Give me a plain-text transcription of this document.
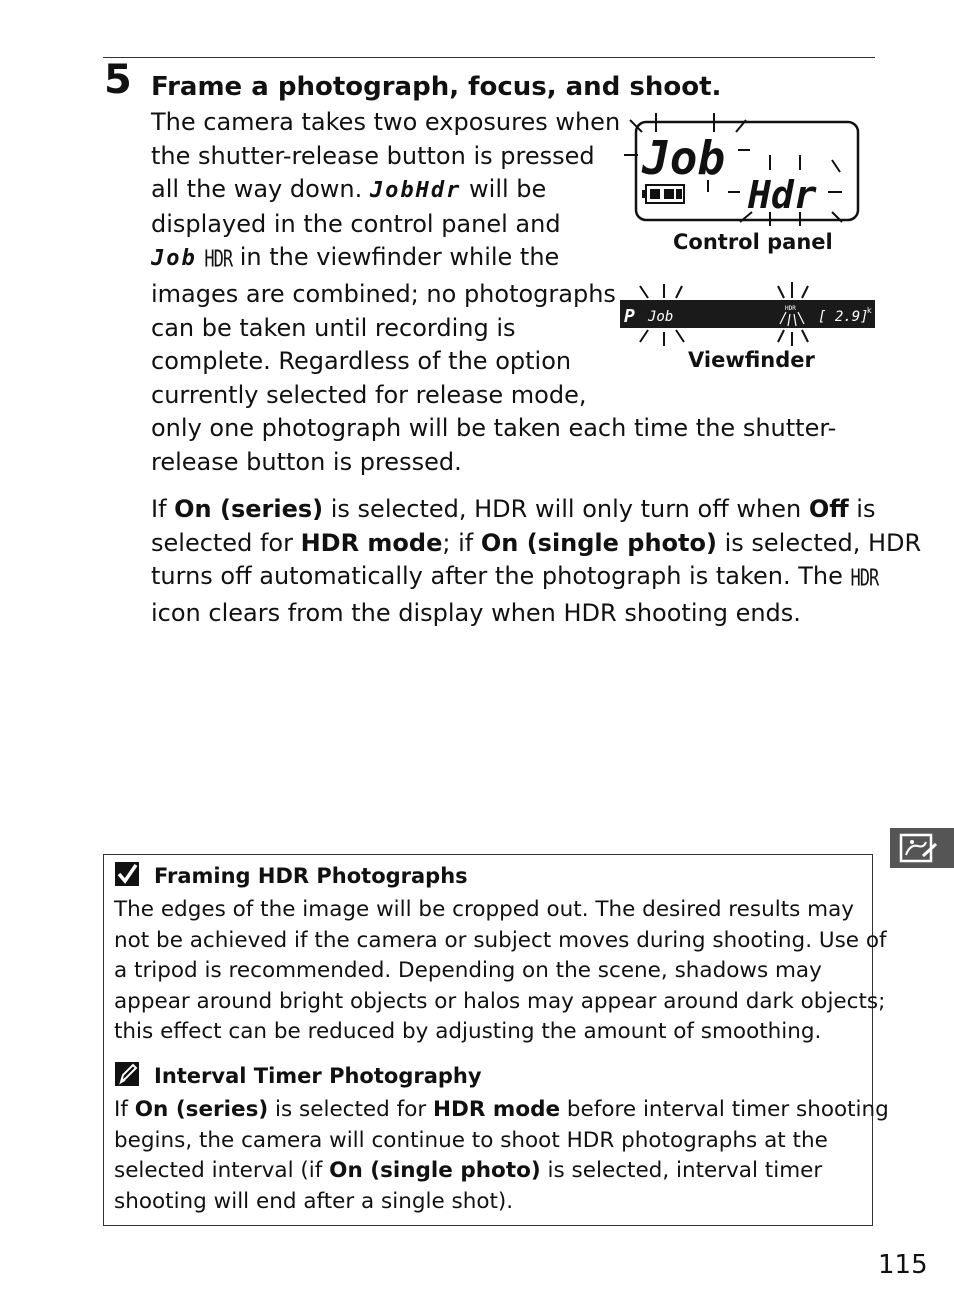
5 Frame a photograph, focus, and shoot.
The camera takes two exposures when
the shutter-release button is pressed
all the way down. JobHdr will be
displayed in the control panel and
Job HDR in the viewfinder while the
images are combined; no photographs
can be taken until recording is
complete. Regardless of the option
currently selected for release mode,
only one photograph will be taken each time the shutter-
release button is pressed.
Job
Hdr
Control panel
P Job
HDR
[ 2.9]
k
Viewfinder
If On (series) is selected, HDR will only turn off when Off is
selected for HDR mode; if On (single photo) is selected, HDR
turns off automatically after the photograph is taken. The HDR
icon clears from the display when HDR shooting ends.
Framing HDR Photographs
The edges of the image will be cropped out. The desired results may
not be achieved if the camera or subject moves during shooting. Use of
a tripod is recommended. Depending on the scene, shadows may
appear around bright objects or halos may appear around dark objects;
this effect can be reduced by adjusting the amount of smoothing.
Interval Timer Photography
If On (series) is selected for HDR mode before interval timer shooting
begins, the camera will continue to shoot HDR photographs at the
selected interval (if On (single photo) is selected, interval timer
shooting will end after a single shot).
115
